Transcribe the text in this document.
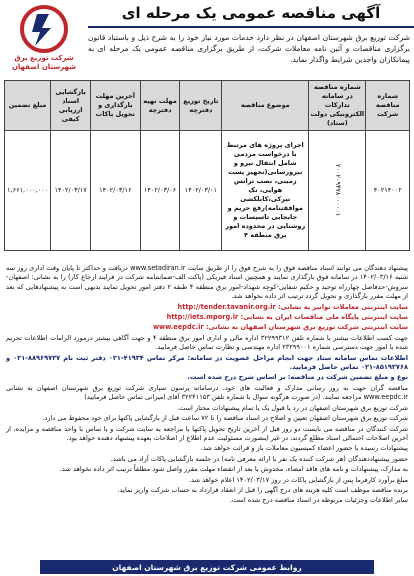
آگهی مناقصه عمومی یک مرحله ای
شرکت توزیع برق شهرستان اصفهان
شرکت توزیع برق شهرستان اصفهان در نظر دارد خدمات مورد نیاز خود را به شرح ذیل و باستناد قانون برگزاری مناقصات و آئین نامه معاملات شرکت، از طریق برگزاری مناقصه عمومی یک مرحله ای به پیمانکاران واجدین شرایط واگذار نماید.
شماره مناقصه شرکت	شماره مناقصه در سامانه تدارکات الکترونیکی دولت (ستاد)	موضوع مناقصه	تاریخ توزیع دفترچه	مهلت تهیه دفترچه	آخرین مهلت بارگذاری و تحویل پاکات	بازگشایی اسناد ارزیابی کیفی	مبلغ تضمین
۴۰۲۱۴۰۰۲	۲۰۰۲۰۹۳۷۸۰۰۰۰۰۱	اجرای پروژه های مرتبط با درخواست مردمی شامل انتقال نیرو و نیرورسانی(تجهیز پست زمینی، نصب ترانس هوایی، تک تیرکی،کابلکشی موافقتنامه)رفع حریم و جابجایی تاسیسات و روشنایی در محدوده امور برق منطقه ۴	۱۴۰۲/۰۳/۰۱	۱۴۰۲/۰۳/۰۶	۱۴۰۲/۰۳/۱۶	۱۴۰۲/۰۳/۱۷	۱,۶۶۱,۰۰۰,۰۰۰

پیشنهاد دهندگان می توانند اسناد مناقصه فوق را به شرح فوق را از طریق سایت www.setadiran.ir دریافت و حداکثر تا پایان وقت اداری روز سه شنبه ۱۴۰۲/۰۳/۱۶ در سامانه فوق بارگذاری نمایند و همچنین اسناد فیزیکی (پاکت الف-ضمانتنامه شرکت در فرایند ارجاع کار) را به نشانی: اصفهان-سروش-حدفاصل چهارراه توحید و حکیم شفایی-کوچه شهداد-امور برق منطقه ۴ طبقه ۲ دفتر امور تحویل نمایند بدیهی است به پیشنهادهایی که بعد از مهلت مقرر بارگذاری و تحویل گردد ترتیب اثر داده نخواهد شد.

سایت اینترنتی معاملات توانیر به نشانی: http://tender.tavanir.org.ir

سایت اینترنتی پایگاه ملی مناقصات ایران به نشانی: http://iets.mporg.ir

سایت اینترنتی شرکت توزیع برق شهرستان اصفهان به نشانی: www.eepdc.ir

جهت کسب اطلاعات بیشتر با شماره تلفن ۳۲۲۹۹۳۱۲ اداره مالی و اداری امور برق منطقه ۴ و جهت آگاهی بیشتر درمورد الزامات اطلاعات تحریم شده با امور جهت دسترسی شماره ۲۳۲۹۹۰۰۱ اداره مهندسی و نظارت تماس حاصل فرمایید.

اطلاعات تماس سامانه ستاد جهت انجام مراحل عضویت در سامانه: مرکز تماس ۴۱۹۳۴-۰۲۱ دفتر ثبت نام ۸۸۹۶۹۷۳۷-۰۲۱ و ۸۵۱۹۳۷۶۸-۰۲۱ تماس حاصل فرمایید.

نوع و مبلغ تضمین شرکت در مناقصه: بر اساس شرح درج شده است.

مناقصه گران جهت به روز رسانی مدارک و فعالیت های خود، درسامانه پرسون سپاری شرکت توزیع برق شهرستان اصفهان به نشانی www.eepdc.ir مراجعه نمایند. (در صورت هرگونه سوال با شماره تلفن ۳۲۲۴۱۱۵۳ آقای امیرانی تماس حاصل فرمایید)

شرکت توزیع برق شهرستان اصفهان در رد یا قبول یک یا تمام پیشنهادات مختار است.

شرکت توزیع برق شهرستان اصفهان تعیین و اصلاح در اسناد مناقصه را تا ۷۲ ساعت قبل از بازگشایی پاکتها برای خود محفوظ می دارد.

شرکت کنندگان در مناقصه می بایست دو روز قبل از آخرین تاریخ تحویل پاکتها با مراجعه به سایت شرکت و یا تماس با واحد مناقصه و مزایده، از آخرین اصلاحات احتمالی اسناد مطلع گردند، در غیر اینصورت مسئولیت عدم اطلاع از اصلاحات بعهده پیشنهاد دهنده خواهد بود.

پیشنهادات رسیده با حضور اعضاء کمیسیون معاملات باز و قرائت خواهد شد.

حضور پیشنهاددهندگان (هر شرکت کننده یک نفر با ارائه معرفی نامه) در جلسه بازگشایی پاکات آزاد می باشد.

به مدارک، پیشنهادات و نامه های فاقد امضاء، مخدوش یا بعد از انقضاء مهلت مقرر واصل شود مطلقاً ترتیب اثر داده نخواهد شد.

مبلغ برآورد کارفرما پس از بازگشایی پاکات در روز ۱۴۰۲/۰۳/۱۷ اعلام خواهد شد.

برنده مناقصه موظف است کلیه هزینه های درج آگهی را قبل از انعقاد قرارداد به حساب شرکت واریز نماید.

سایر اطلاعات وجزئیات مربوطه در اسناد مناقصه درج شده است.

روابط عمومی شرکت توزیع برق شهرستان اصفهان
